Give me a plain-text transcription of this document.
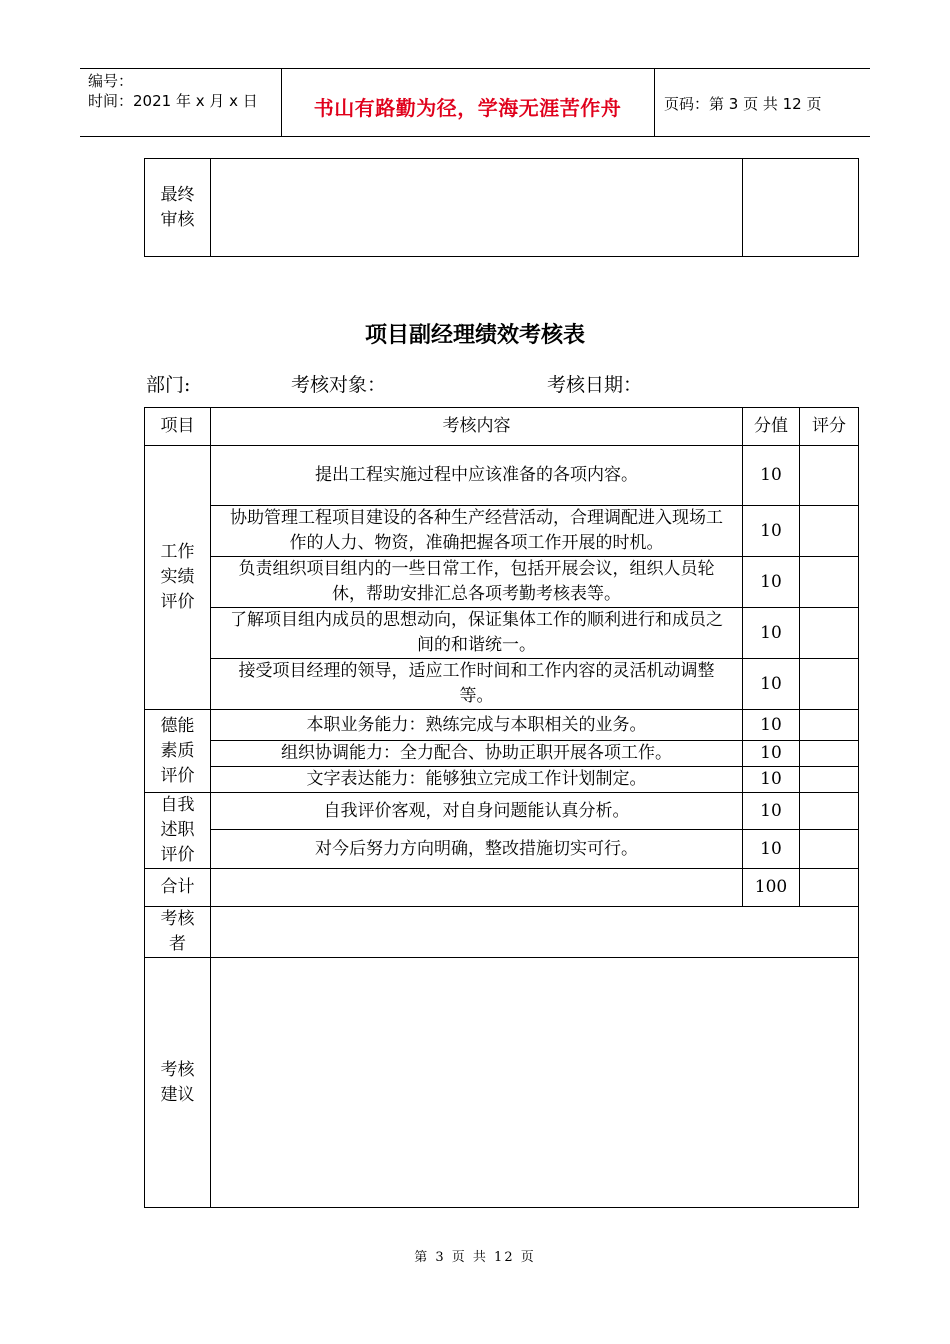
编号：
时间：2021 年 x 月 x 日	书山有路勤为径，学海无涯苦作舟	页码：第 3 页 共 12 页
最终
审核		
项目副经理绩效考核表
部门:	考核对象：	考核日期：
项目	考核内容	分值	评分
工作
实绩
评价	提出工程实施过程中应该准备的各项内容。	10	
	协助管理工程项目建设的各种生产经营活动，合理调配进入现场工作的人力、物资，准确把握各项工作开展的时机。	10	
	负责组织项目组内的一些日常工作，包括开展会议，组织人员轮休，帮助安排汇总各项考勤考核表等。	10	
	了解项目组内成员的思想动向，保证集体工作的顺利进行和成员之间的和谐统一。	10	
	接受项目经理的领导，适应工作时间和工作内容的灵活机动调整等。	10	
德能
素质
评价	本职业务能力：熟练完成与本职相关的业务。	10	
	组织协调能力：全力配合、协助正职开展各项工作。	10	
	文字表达能力：能够独立完成工作计划制定。	10	
自我
述职
评价	自我评价客观，对自身问题能认真分析。	10	
	对今后努力方向明确，整改措施切实可行。	10	
合计		100	
考核
者			
考核
建议			
第 3 页 共 12 页
